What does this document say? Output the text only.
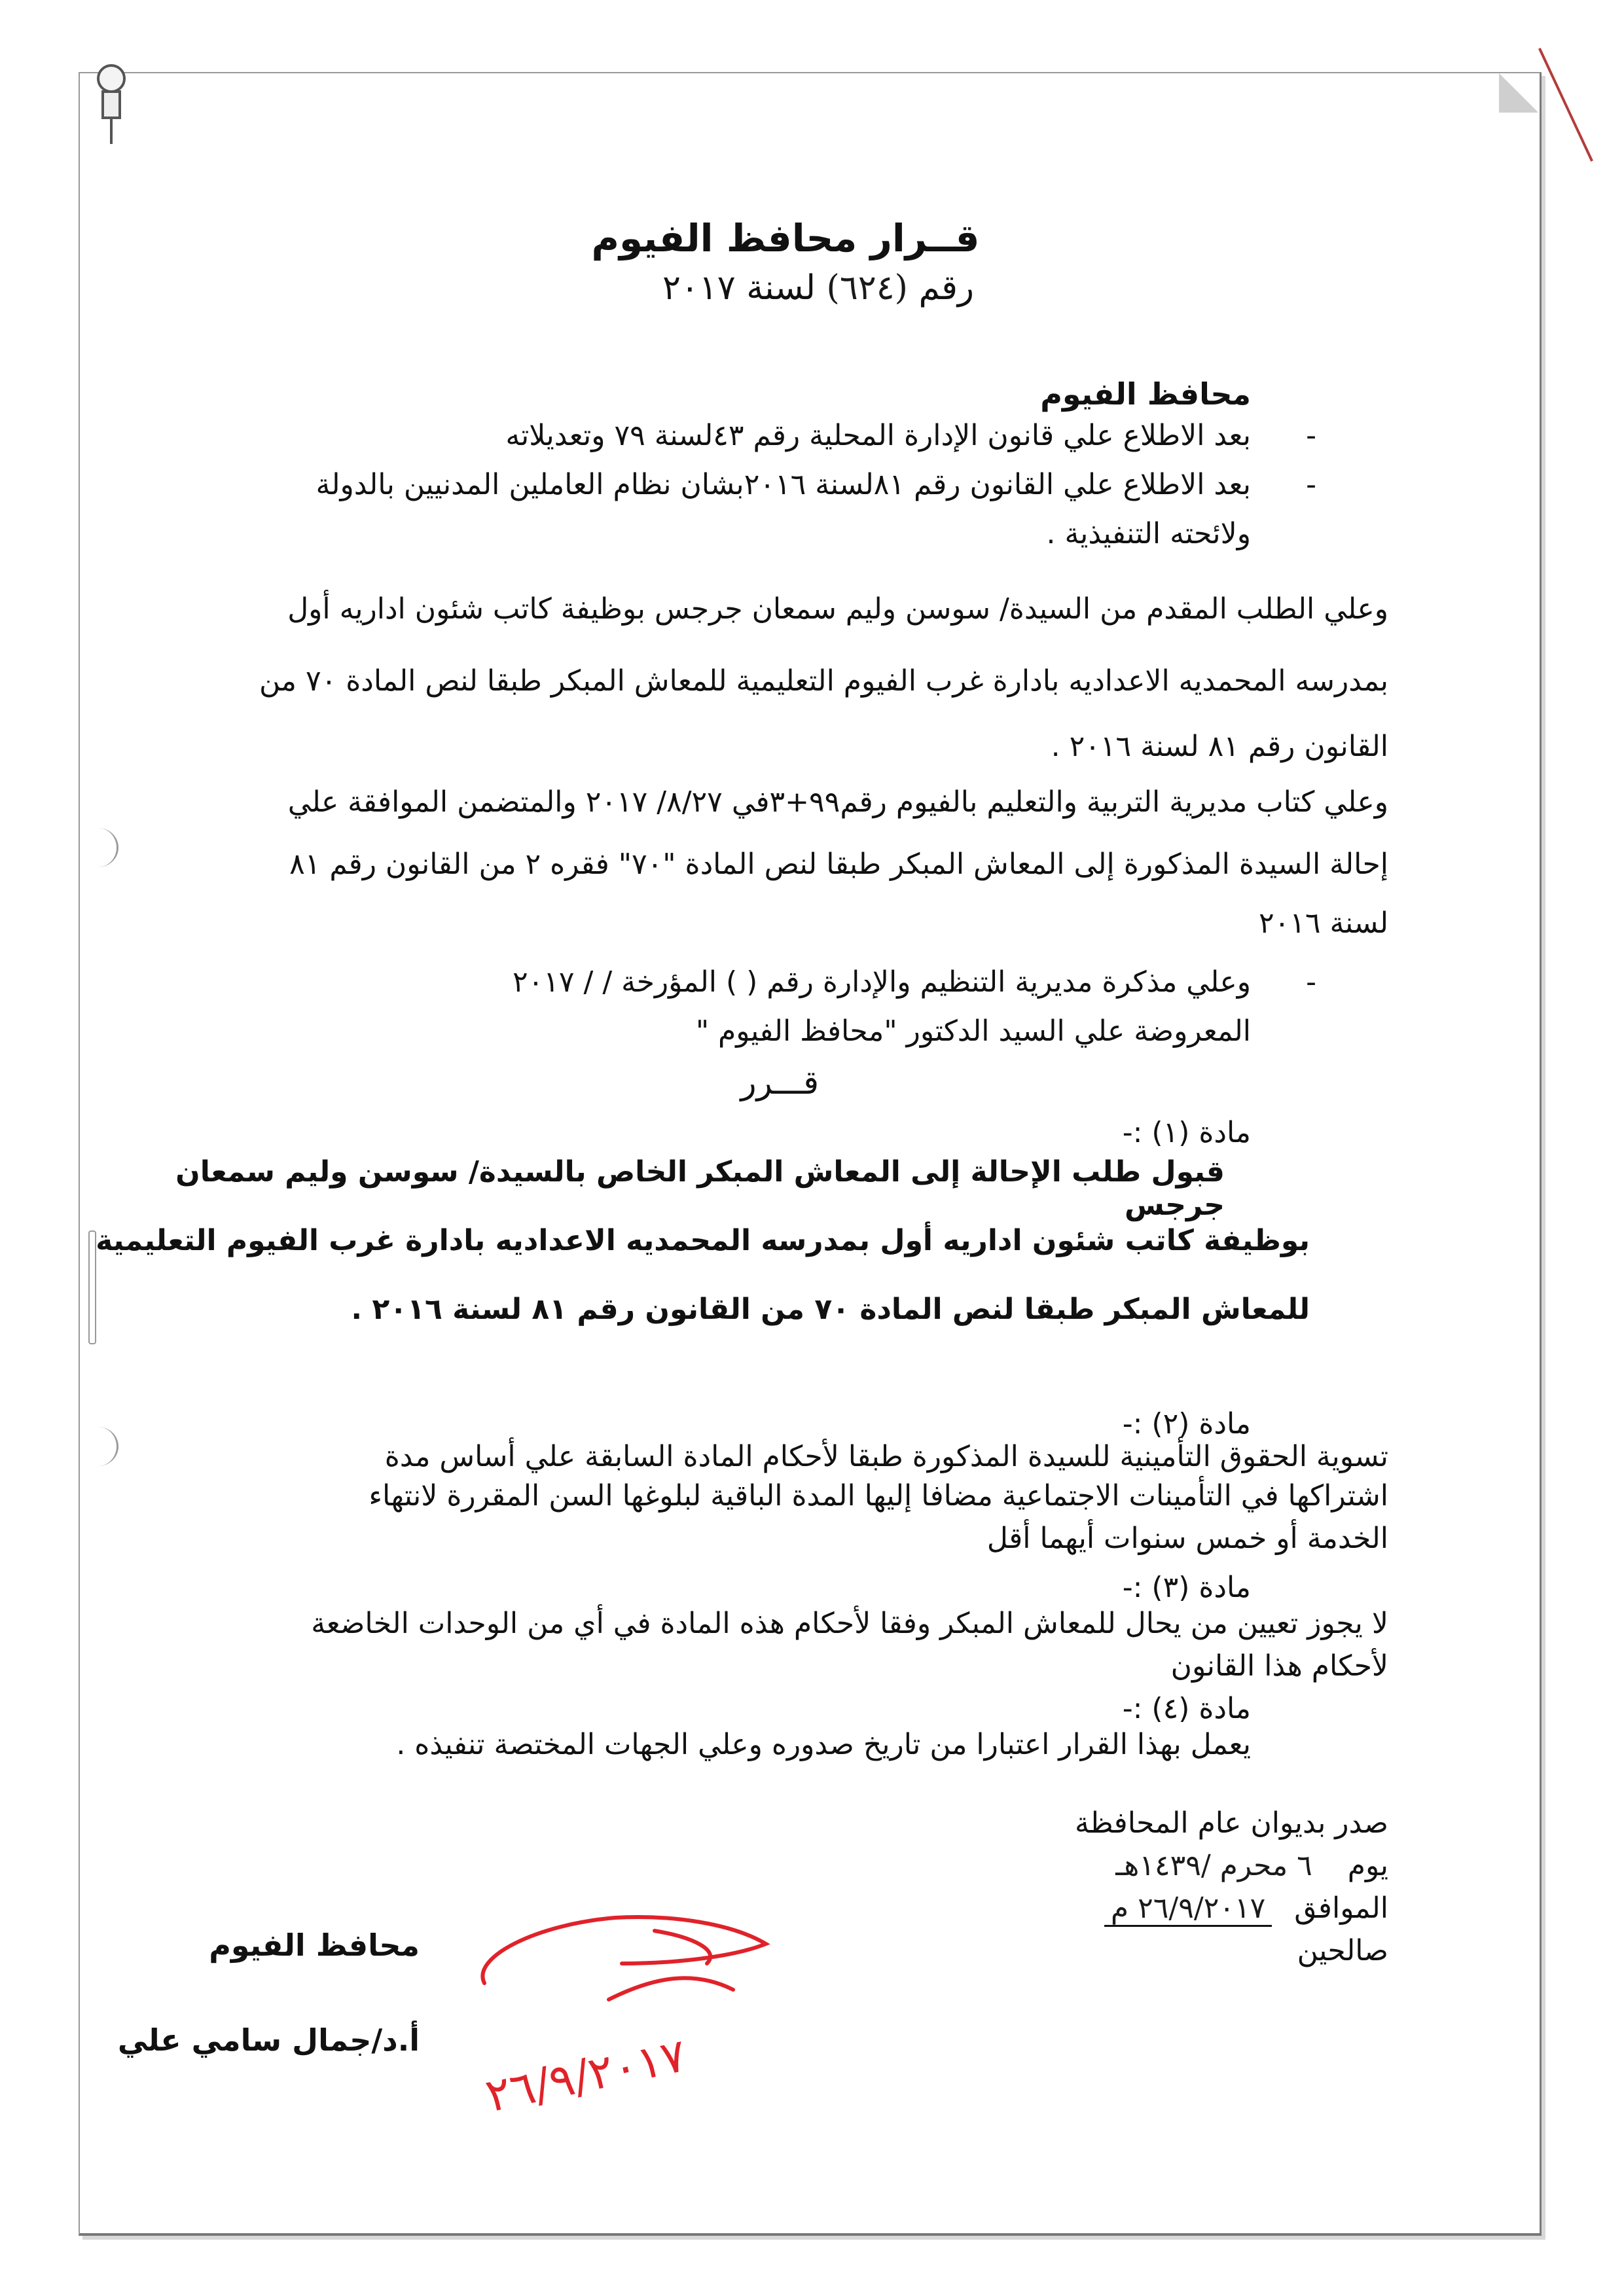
قــرار محافظ الفيوم
رقم (٦٢٤) لسنة ٢٠١٧
محافظ الفيوم
بعد الاطلاع علي قانون الإدارة المحلية رقم ٤٣لسنة ٧٩ وتعديلاته -
بعد الاطلاع علي القانون رقم ٨١لسنة ٢٠١٦بشان نظام العاملين المدنيين بالدولة -
ولائحته التنفيذية .
وعلي الطلب المقدم من السيدة/ سوسن وليم سمعان جرجس بوظيفة كاتب شئون اداريه أول
بمدرسه المحمديه الاعداديه بادارة غرب الفيوم التعليمية للمعاش المبكر طبقا لنص المادة ٧٠ من
القانون رقم ٨١ لسنة ٢٠١٦ .
وعلي كتاب مديرية التربية والتعليم بالفيوم رقم٩٩+٣في ٨/٢٧/ ٢٠١٧ والمتضمن الموافقة علي
إحالة السيدة المذكورة إلى المعاش المبكر طبقا لنص المادة "٧٠" فقره ٢ من القانون رقم ٨١
لسنة ٢٠١٦
وعلي مذكرة مديرية التنظيم والإدارة رقم ( ) المؤرخة / / ٢٠١٧ -
المعروضة علي السيد الدكتور "محافظ الفيوم "
قـــرر
مادة (١) :-
قبول طلب الإحالة إلى المعاش المبكر الخاص بالسيدة/ سوسن وليم سمعان جرجس
بوظيفة كاتب شئون اداريه أول بمدرسه المحمديه الاعداديه بادارة غرب الفيوم التعليمية
للمعاش المبكر طبقا لنص المادة ٧٠ من القانون رقم ٨١ لسنة ٢٠١٦ .
مادة (٢) :-
تسوية الحقوق التأمينية للسيدة المذكورة طبقا لأحكام المادة السابقة علي أساس مدة
اشتراكها في التأمينات الاجتماعية مضافا إليها المدة الباقية لبلوغها السن المقررة لانتهاء
الخدمة أو خمس سنوات أيهما أقل
مادة (٣) :-
لا يجوز تعيين من يحال للمعاش المبكر وفقا لأحكام هذه المادة في أي من الوحدات الخاضعة
لأحكام هذا القانون
مادة (٤) :-
يعمل بهذا القرار اعتبارا من تاريخ صدوره وعلي الجهات المختصة تنفيذه .
صدر بديوان عام المحافظة
يوم ٦ محرم /١٤٣٩هـ
الموافق ٢٦/٩/٢٠١٧ م
صالحين
محافظ الفيوم
٢٦/٩/٢٠١٧
أ.د/جمال سامي علي
